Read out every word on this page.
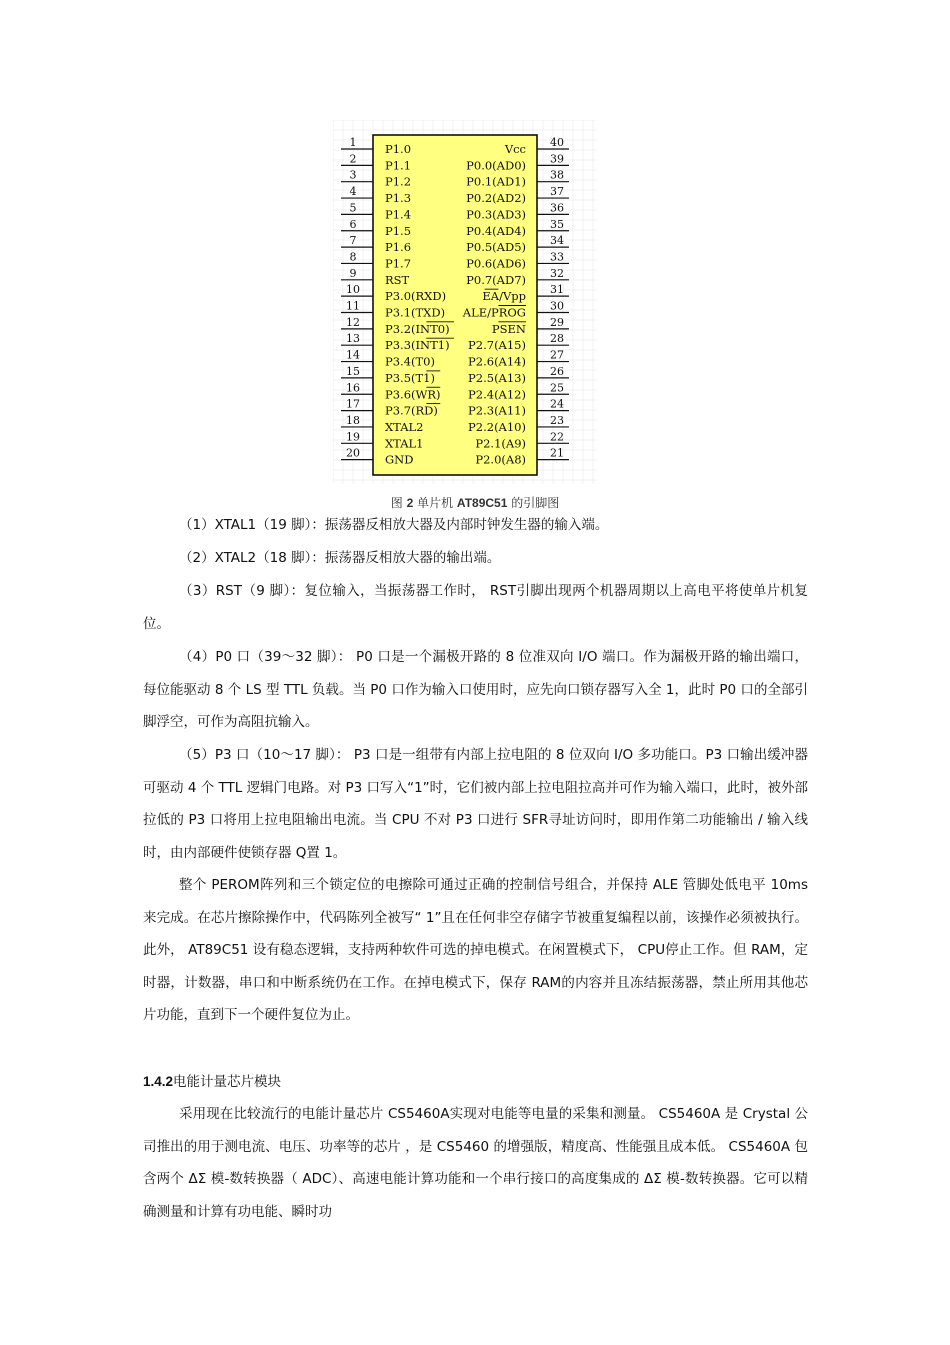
1 P1.0
2 P1.1
3 P1.2
4 P1.3
5 P1.4
6 P1.5
7 P1.6
8 P1.7
9 RST
10 P3.0(RXD)
11 P3.1(TXD)
12 P3.2(INT0)
13 P3.3(INT1)
14 P3.4(T0)
15 P3.5(T1)
16 P3.6(WR)
17 P3.7(RD)
18 XTAL2
19 XTAL1
20 GND
40
Vcc
39
P0.0(AD0)
38
P0.1(AD1)
37
P0.2(AD2)
36
P0.3(AD3)
35
P0.4(AD4)
34
P0.5(AD5)
33
P0.6(AD6)
32
P0.7(AD7)
31
EA/Vpp
30
ALE/PROG
29
PSEN
28
P2.7(A15)
27
P2.6(A14)
26
P2.5(A13)
25
P2.4(A12)
24
P2.3(A11)
23
P2.2(A10)
22
P2.1(A9)
21
P2.0(A8)
图 2 单片机 AT89C51 的引脚图

（1）XTAL1（19 脚）：振荡器反相放大器及内部时钟发生器的输入端。

（2）XTAL2（18 脚）：振荡器反相放大器的输出端。

（3）RST（9 脚）：复位输入，当振荡器工作时， RST引脚出现两个机器周期以上高电平将使单片机复位。

（4）P0 口（39～32 脚）： P0 口是一个漏极开路的 8 位准双向 I/O 端口。作为漏极开路的输出端口，每位能驱动 8 个 LS 型 TTL 负载。当 P0 口作为输入口使用时，应先向口锁存器写入全 1，此时 P0 口的全部引脚浮空，可作为高阻抗输入。

（5）P3 口（10～17 脚）： P3 口是一组带有内部上拉电阻的 8 位双向 I/O 多功能口。P3 口输出缓冲器可驱动 4 个 TTL 逻辑门电路。对 P3 口写入“1”时，它们被内部上拉电阻拉高并可作为输入端口，此时，被外部拉低的 P3 口将用上拉电阻输出电流。当 CPU 不对 P3 口进行 SFR寻址访问时，即用作第二功能输出 / 输入线时，由内部硬件使锁存器 Q置 1。

整个 PEROM阵列和三个锁定位的电擦除可通过正确的控制信号组合，并保持 ALE 管脚处低电平 10ms 来完成。在芯片擦除操作中，代码陈列全被写“ 1”且在任何非空存储字节被重复编程以前，该操作必须被执行。此外， AT89C51 设有稳态逻辑，支持两种软件可选的掉电模式。在闲置模式下， CPU停止工作。但 RAM，定时器，计数器，串口和中断系统仍在工作。在掉电模式下，保存 RAM的内容并且冻结振荡器，禁止所用其他芯片功能，直到下一个硬件复位为止。

1.4.2电能计量芯片模块

采用现在比较流行的电能计量芯片 CS5460A实现对电能等电量的采集和测量。 CS5460A 是 Crystal 公司推出的用于测电流、电压、功率等的芯片 ，是 CS5460 的增强版，精度高、性能强且成本低。 CS5460A 包含两个 ΔΣ 模-数转换器（ ADC）、高速电能计算功能和一个串行接口的高度集成的 ΔΣ 模-数转换器。它可以精确测量和计算有功电能、瞬时功
